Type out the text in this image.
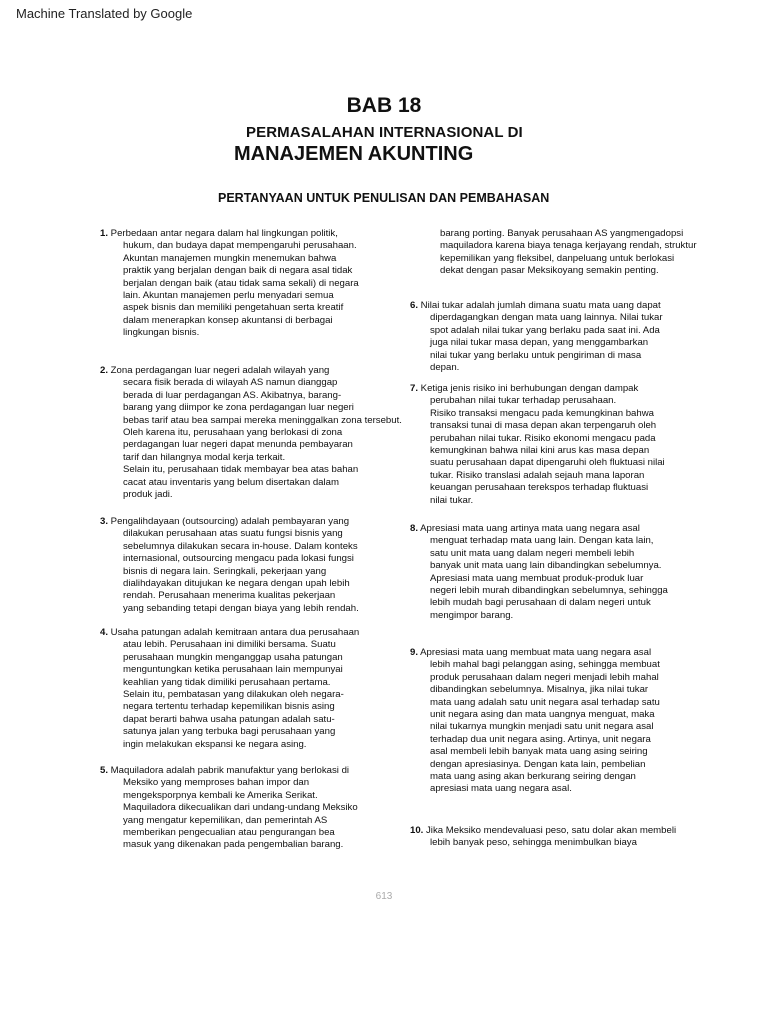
Machine Translated by Google
BAB 18
PERMASALAHAN INTERNASIONAL DI
MANAJEMEN AKUNTING
PERTANYAAN UNTUK PENULISAN DAN PEMBAHASAN
1. Perbedaan antar negara dalam hal lingkungan politik,
hukum, dan budaya dapat mempengaruhi perusahaan.
Akuntan manajemen mungkin menemukan bahwa
praktik yang berjalan dengan baik di negara asal tidak
berjalan dengan baik (atau tidak sama sekali) di negara
lain. Akuntan manajemen perlu menyadari semua
aspek bisnis dan memiliki pengetahuan serta kreatif
dalam menerapkan konsep akuntansi di berbagai
lingkungan bisnis.
2. Zona perdagangan luar negeri adalah wilayah yang
secara fisik berada di wilayah AS namun dianggap
berada di luar perdagangan AS. Akibatnya, barang-
barang yang diimpor ke zona perdagangan luar negeri
bebas tarif atau bea sampai mereka meninggalkan zona tersebut.
Oleh karena itu, perusahaan yang berlokasi di zona
perdagangan luar negeri dapat menunda pembayaran
tarif dan hilangnya modal kerja terkait.
Selain itu, perusahaan tidak membayar bea atas bahan
cacat atau inventaris yang belum disertakan dalam
produk jadi.
3. Pengalihdayaan (outsourcing) adalah pembayaran yang
dilakukan perusahaan atas suatu fungsi bisnis yang
sebelumnya dilakukan secara in-house. Dalam konteks
internasional, outsourcing mengacu pada lokasi fungsi
bisnis di negara lain. Seringkali, pekerjaan yang
dialihdayakan ditujukan ke negara dengan upah lebih
rendah. Perusahaan menerima kualitas pekerjaan
yang sebanding tetapi dengan biaya yang lebih rendah.
4. Usaha patungan adalah kemitraan antara dua perusahaan
atau lebih. Perusahaan ini dimiliki bersama. Suatu
perusahaan mungkin menganggap usaha patungan
menguntungkan ketika perusahaan lain mempunyai
keahlian yang tidak dimiliki perusahaan pertama.
Selain itu, pembatasan yang dilakukan oleh negara-
negara tertentu terhadap kepemilikan bisnis asing
dapat berarti bahwa usaha patungan adalah satu-
satunya jalan yang terbuka bagi perusahaan yang
ingin melakukan ekspansi ke negara asing.
5. Maquiladora adalah pabrik manufaktur yang berlokasi di
Meksiko yang memproses bahan impor dan
mengeksporpnya kembali ke Amerika Serikat.
Maquiladora dikecualikan dari undang-undang Meksiko
yang mengatur kepemilikan, dan pemerintah AS
memberikan pengecualian atau pengurangan bea
masuk yang dikenakan pada pengembalian barang.
barang porting. Banyak perusahaan AS yangmengadopsi maquiladora karena biaya tenaga kerjayang rendah, struktur kepemilikan yang fleksibel, danpeluang untuk berlokasi dekat dengan pasar Meksikoyang semakin penting.
6. Nilai tukar adalah jumlah dimana suatu mata uang dapat
diperdagangkan dengan mata uang lainnya. Nilai tukar
spot adalah nilai tukar yang berlaku pada saat ini. Ada
juga nilai tukar masa depan, yang menggambarkan
nilai tukar yang berlaku untuk pengiriman di masa
depan.
7. Ketiga jenis risiko ini berhubungan dengan dampak
perubahan nilai tukar terhadap perusahaan.
Risiko transaksi mengacu pada kemungkinan bahwa
transaksi tunai di masa depan akan terpengaruh oleh
perubahan nilai tukar. Risiko ekonomi mengacu pada
kemungkinan bahwa nilai kini arus kas masa depan
suatu perusahaan dapat dipengaruhi oleh fluktuasi nilai
tukar. Risiko translasi adalah sejauh mana laporan
keuangan perusahaan terekspos terhadap fluktuasi
nilai tukar.
8. Apresiasi mata uang artinya mata uang negara asal
menguat terhadap mata uang lain. Dengan kata lain,
satu unit mata uang dalam negeri membeli lebih
banyak unit mata uang lain dibandingkan sebelumnya.
Apresiasi mata uang membuat produk-produk luar
negeri lebih murah dibandingkan sebelumnya, sehingga
lebih mudah bagi perusahaan di dalam negeri untuk
mengimpor barang.
9. Apresiasi mata uang membuat mata uang negara asal
lebih mahal bagi pelanggan asing, sehingga membuat
produk perusahaan dalam negeri menjadi lebih mahal
dibandingkan sebelumnya. Misalnya, jika nilai tukar
mata uang adalah satu unit negara asal terhadap satu
unit negara asing dan mata uangnya menguat, maka
nilai tukarnya mungkin menjadi satu unit negara asal
terhadap dua unit negara asing. Artinya, unit negara
asal membeli lebih banyak mata uang asing seiring
dengan apresiasinya. Dengan kata lain, pembelian
mata uang asing akan berkurang seiring dengan
apresiasi mata uang negara asal.
10. Jika Meksiko mendevaluasi peso, satu dolar akan membeli
lebih banyak peso, sehingga menimbulkan biaya
613
